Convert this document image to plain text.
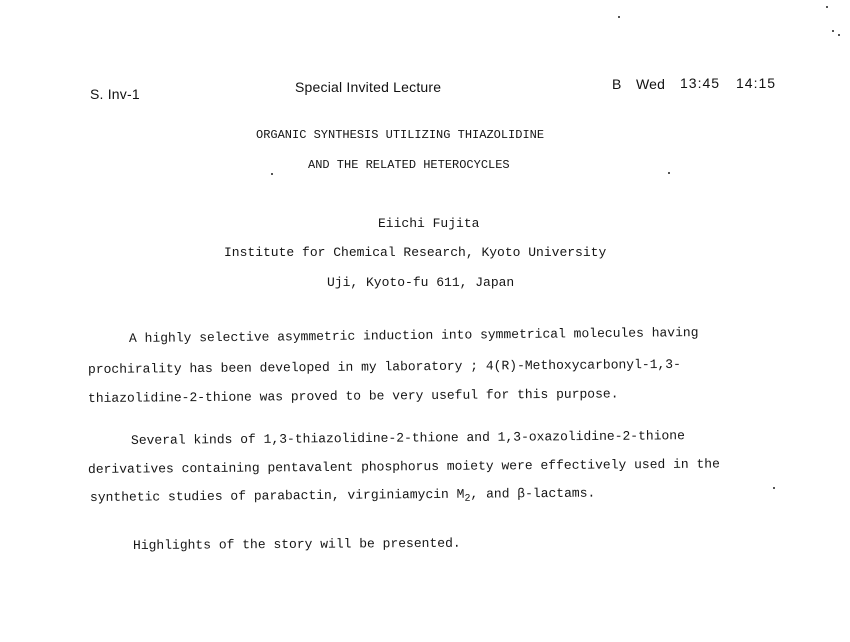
S. Inv-1	Special Invited Lecture	B Wed 13:45 14:15
ORGANIC SYNTHESIS UTILIZING THIAZOLIDINE
AND THE RELATED HETEROCYCLES
Eiichi Fujita
Institute for Chemical Research, Kyoto University
Uji, Kyoto-fu 611, Japan
A highly selective asymmetric induction into symmetrical molecules having
prochirality has been developed in my laboratory ; 4(R)-Methoxycarbonyl-1,3-
thiazolidine-2-thione was proved to be very useful for this purpose.
Several kinds of 1,3-thiazolidine-2-thione and 1,3-oxazolidine-2-thione
derivatives containing pentavalent phosphorus moiety were effectively used in the
synthetic studies of parabactin, virginiamycin $M_2$, and β-lactams.
Highlights of the story will be presented.
